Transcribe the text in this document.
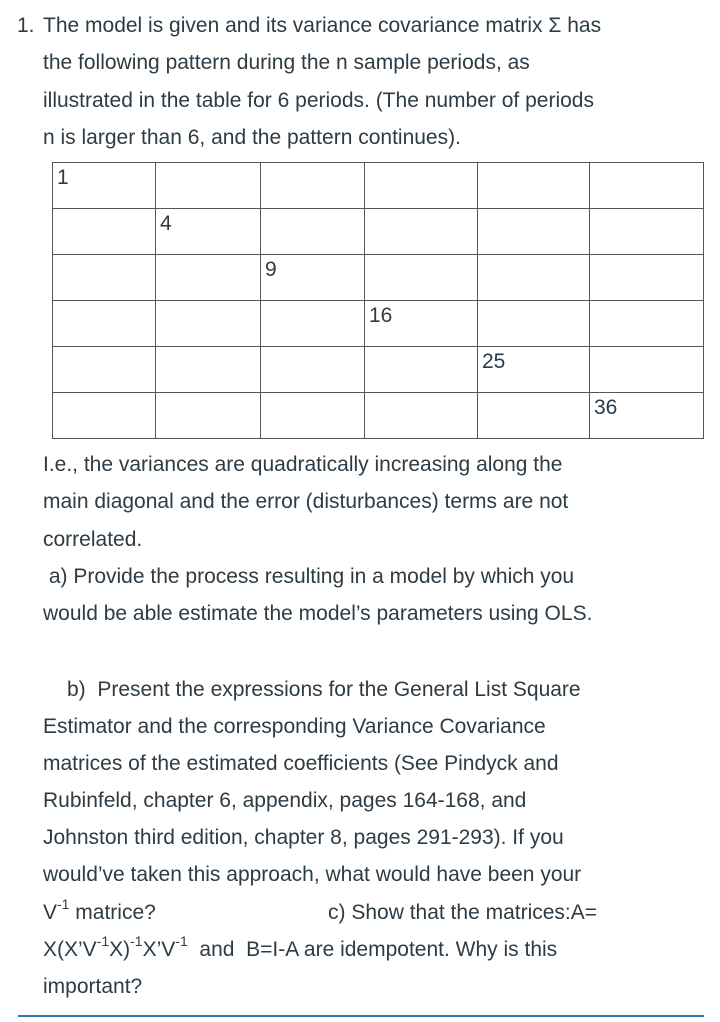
1. The model is given and its variance covariance matrix Σ has
the following pattern during the n sample periods, as
illustrated in the table for 6 periods. (The number of periods
n is larger than 6, and the pattern continues).
1					

	4				

		9			

			16		

				25	

					36
I.e., the variances are quadratically increasing along the
main diagonal and the error (disturbances) terms are not
correlated.
a) Provide the process resulting in a model by which you
would be able estimate the model’s parameters using OLS.
b)  Present the expressions for the General List Square
Estimator and the corresponding Variance Covariance
matrices of the estimated coefficients (See Pindyck and
Rubinfeld, chapter 6, appendix, pages 164-168, and
Johnston third edition, chapter 8, pages 291-293). If you
would’ve taken this approach, what would have been your
$V^{-1}$ matrice?	c) Show that the matrices:A=
$X(X’V^{-1}X)^{-1}X’V^{-1}$  and  B=I-A are idempotent. Why is this
important?
